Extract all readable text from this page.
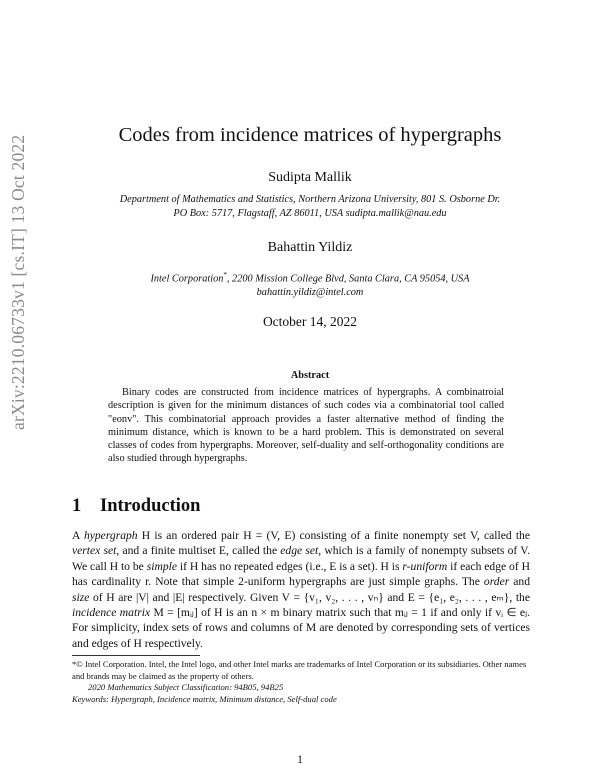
arXiv:2210.06733v1 [cs.IT] 13 Oct 2022	Codes from incidence matrices of hypergraphs
Sudipta Mallik
Department of Mathematics and Statistics, Northern Arizona University, 801 S. Osborne Dr.
PO Box: 5717, Flagstaff, AZ 86011, USA sudipta.mallik@nau.edu
Bahattin Yildiz
Intel Corporation*, 2200 Mission College Blvd, Santa Clara, CA 95054, USA
bahattin.yildiz@intel.com
October 14, 2022
Abstract

Binary codes are constructed from incidence matrices of hypergraphs. A combinatroial description is given for the minimum distances of such codes via a combinatorial tool called "eonv". This combinatorial approach provides a faster alternative method of finding the minimum distance, which is known to be a hard problem. This is demonstrated on several classes of codes from hypergraphs. Moreover, self-duality and self-orthogonality conditions are also studied through hypergraphs.

1 Introduction

A hypergraph H is an ordered pair H = (V, E) consisting of a finite nonempty set V, called the vertex set, and a finite multiset E, called the edge set, which is a family of nonempty subsets of V. We call H to be simple if H has no repeated edges (i.e., E is a set). H is r-uniform if each edge of H has cardinality r. Note that simple 2-uniform hypergraphs are just simple graphs. The order and size of H are |V| and |E| respectively. Given V = {v₁, v₂, . . . , vₙ} and E = {e₁, e₂, . . . , eₘ}, the incidence matrix M = [mᵢⱼ] of H is an n × m binary matrix such that mᵢⱼ = 1 if and only if vᵢ ∈ eⱼ. For simplicity, index sets of rows and columns of M are denoted by corresponding sets of vertices and edges of H respectively.

*© Intel Corporation. Intel, the Intel logo, and other Intel marks are trademarks of Intel Corporation or its subsidiaries. Other names and brands may be claimed as the property of others.

2020 Mathematics Subject Classification: 94B05, 94B25

Keywords: Hypergraph, Incidence matrix, Minimum distance, Self-dual code

1
